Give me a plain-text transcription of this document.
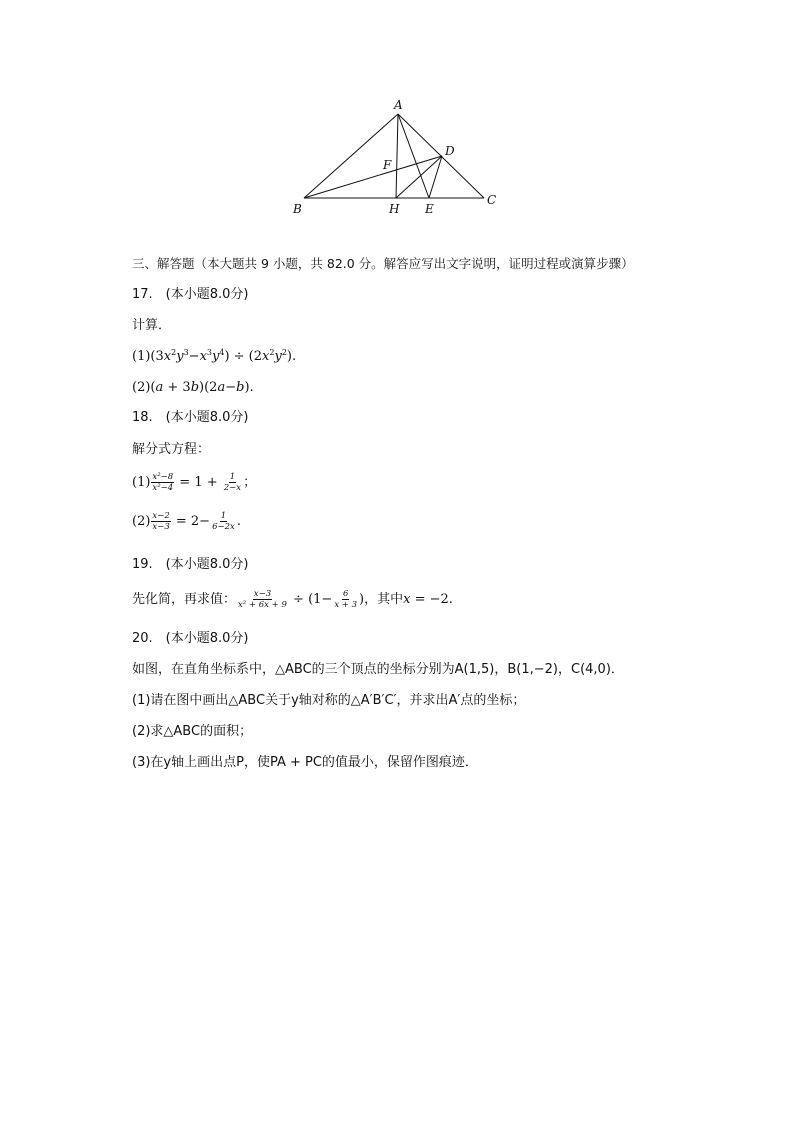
A
B
C
D
E
F
H
三、解答题（本大题共 9 小题，共 82.0 分。解答应写出文字说明，证明过程或演算步骤）
17.　(本小题8.0分)
计算．
$(1)(3x^2y^3-x^3y^4) \div (2x^2y^2)$.
(2)(a + 3b)(2a−b).
18.　(本小题8.0分)
解分式方程：
$(1) \frac{\text{x²−8}}{\text{x²−4}} = 1 + \frac{1}{2-x}$ ；
$(2) \frac{x-2}{x-3} = 2- \frac{1}{6-2x}$ .
19.　(本小题8.0分)
先化简，再求值： $\frac{x-3}{\text{x² + 6x + 9}} \div (1- \frac{6}{x + 3}$ )，其中x = −2.
20.　(本小题8.0分)
如图，在直角坐标系中，△ABC的三个顶点的坐标分别为A(1,5)，B(1,−2)，C(4,0)．
(1)请在图中画出△ABC关于y轴对称的△A′B′C′，并求出A′点的坐标；
(2)求△ABC的面积；
(3)在y轴上画出点P，使PA + PC的值最小，保留作图痕迹．
